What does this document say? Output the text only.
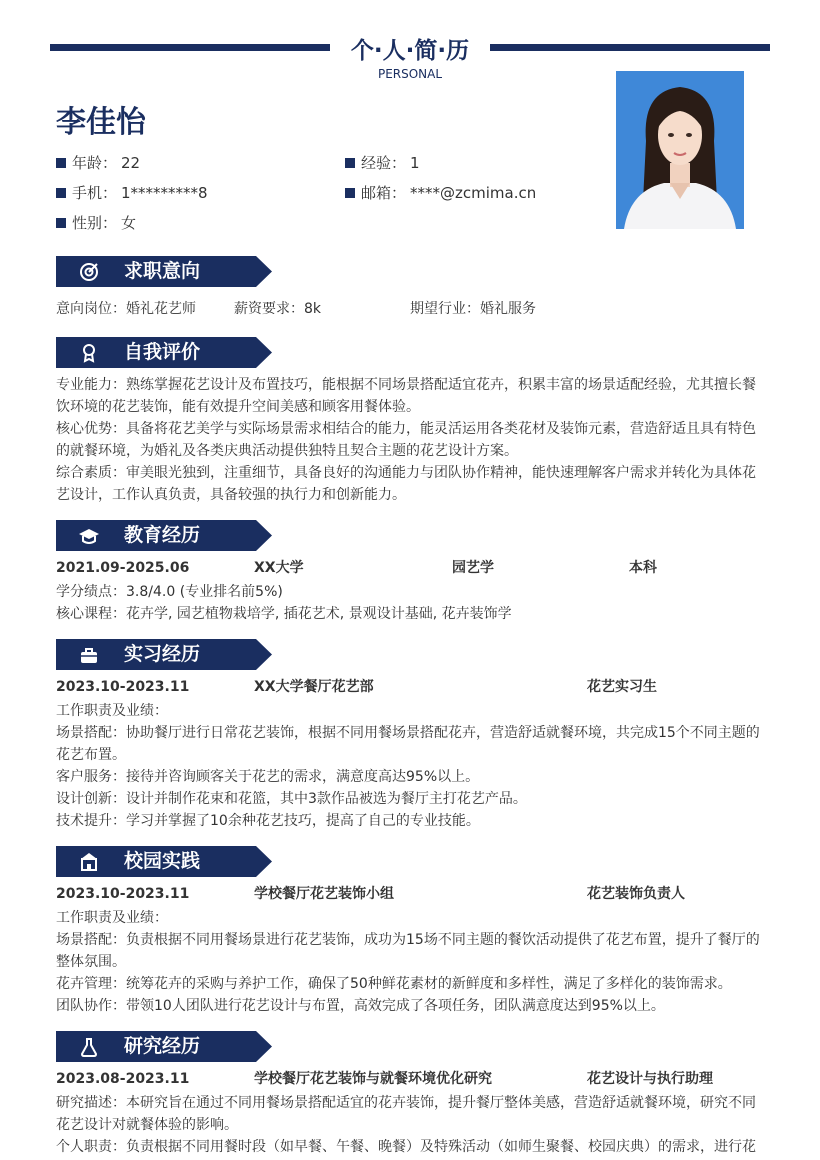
个·人·简·历
PERSONAL
李佳怡
年龄： 22	经验： 1
手机： 1*********8	邮箱： ****@zcmima.cn
性别： 女
求职意向
意向岗位：婚礼花艺师	薪资要求：8k	期望行业：婚礼服务
自我评价
专业能力：熟练掌握花艺设计及布置技巧，能根据不同场景搭配适宜花卉，积累丰富的场景适配经验，尤其擅长餐饮环境的花艺装饰，能有效提升空间美感和顾客用餐体验。
核心优势：具备将花艺美学与实际场景需求相结合的能力，能灵活运用各类花材及装饰元素，营造舒适且具有特色的就餐环境，为婚礼及各类庆典活动提供独特且契合主题的花艺设计方案。
综合素质：审美眼光独到，注重细节，具备良好的沟通能力与团队协作精神，能快速理解客户需求并转化为具体花艺设计，工作认真负责，具备较强的执行力和创新能力。
教育经历
2021.09-2025.06	XX大学	园艺学	本科
学分绩点：3.8/4.0 (专业排名前5%)
核心课程：花卉学, 园艺植物栽培学, 插花艺术, 景观设计基础, 花卉装饰学
实习经历
2023.10-2023.11	XX大学餐厅花艺部	花艺实习生
工作职责及业绩：
场景搭配：协助餐厅进行日常花艺装饰，根据不同用餐场景搭配花卉，营造舒适就餐环境，共完成15个不同主题的花艺布置。
客户服务：接待并咨询顾客关于花艺的需求，满意度高达95%以上。
设计创新：设计并制作花束和花篮，其中3款作品被选为餐厅主打花艺产品。
技术提升：学习并掌握了10余种花艺技巧，提高了自己的专业技能。
校园实践
2023.10-2023.11	学校餐厅花艺装饰小组	花艺装饰负责人
工作职责及业绩：
场景搭配：负责根据不同用餐场景进行花艺装饰，成功为15场不同主题的餐饮活动提供了花艺布置，提升了餐厅的整体氛围。
花卉管理：统筹花卉的采购与养护工作，确保了50种鲜花素材的新鲜度和多样性，满足了多样化的装饰需求。
团队协作：带领10人团队进行花艺设计与布置，高效完成了各项任务，团队满意度达到95%以上。
研究经历
2023.08-2023.11	学校餐厅花艺装饰与就餐环境优化研究	花艺设计与执行助理
研究描述：本研究旨在通过不同用餐场景搭配适宜的花卉装饰，提升餐厅整体美感，营造舒适就餐环境，研究不同花艺设计对就餐体验的影响。
个人职责：负责根据不同用餐时段（如早餐、午餐、晚餐）及特殊活动（如师生聚餐、校园庆典）的需求，进行花
